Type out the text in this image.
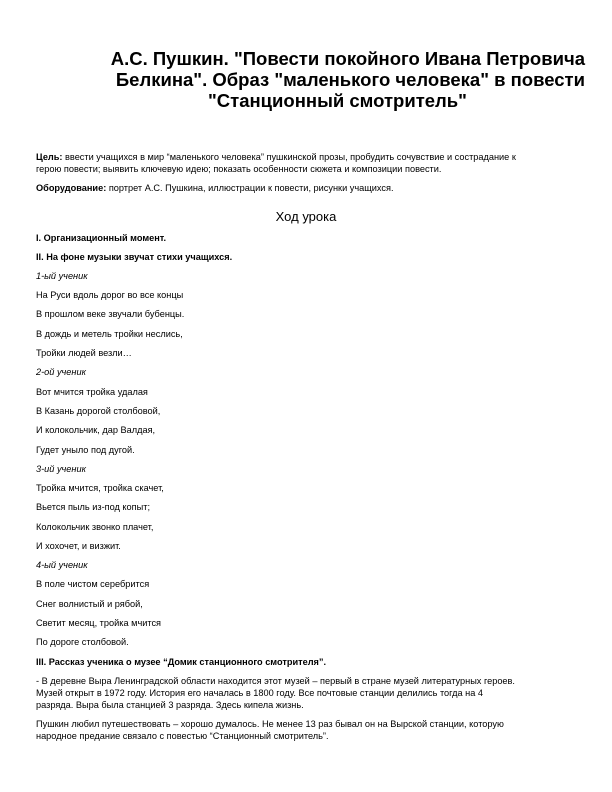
А.С. Пушкин. "Повести покойного Ивана Петровича
Белкина". Образ "маленького человека" в повести
"Станционный смотритель"
Цель: ввести учащихся в мир “маленького человека” пушкинской прозы, пробудить сочувствие и сострадание к
герою повести; выявить ключевую идею; показать особенности сюжета и композиции повести.
Оборудование: портрет А.С. Пушкина, иллюстрации к повести, рисунки учащихся.
Ход урока
I. Организационный момент.
II. На фоне музыки звучат стихи учащихся.
1-ый ученик
На Руси вдоль дорог во все концы
В прошлом веке звучали бубенцы.
В дождь и метель тройки неслись,
Тройки людей везли…
2-ой ученик
Вот мчится тройка удалая
В Казань дорогой столбовой,
И колокольчик, дар Валдая,
Гудет уныло под дугой.
3-ий ученик
Тройка мчится, тройка скачет,
Вьется пыль из-под копыт;
Колокольчик звонко плачет,
И хохочет, и визжит.
4-ый ученик
В поле чистом серебрится
Снег волнистый и рябой,
Светит месяц, тройка мчится
По дороге столбовой.
III. Рассказ ученика о музее “Домик станционного смотрителя”.
- В деревне Выра Ленинградской области находится этот музей – первый в стране музей литературных героев.
Музей открыт в 1972 году. История его началась в 1800 году. Все почтовые станции делились тогда на 4
разряда. Выра была станцией 3 разряда. Здесь кипела жизнь.
Пушкин любил путешествовать – хорошо думалось. Не менее 13 раз бывал он на Вырской станции, которую
народное предание связало с повестью “Станционный смотритель”.
